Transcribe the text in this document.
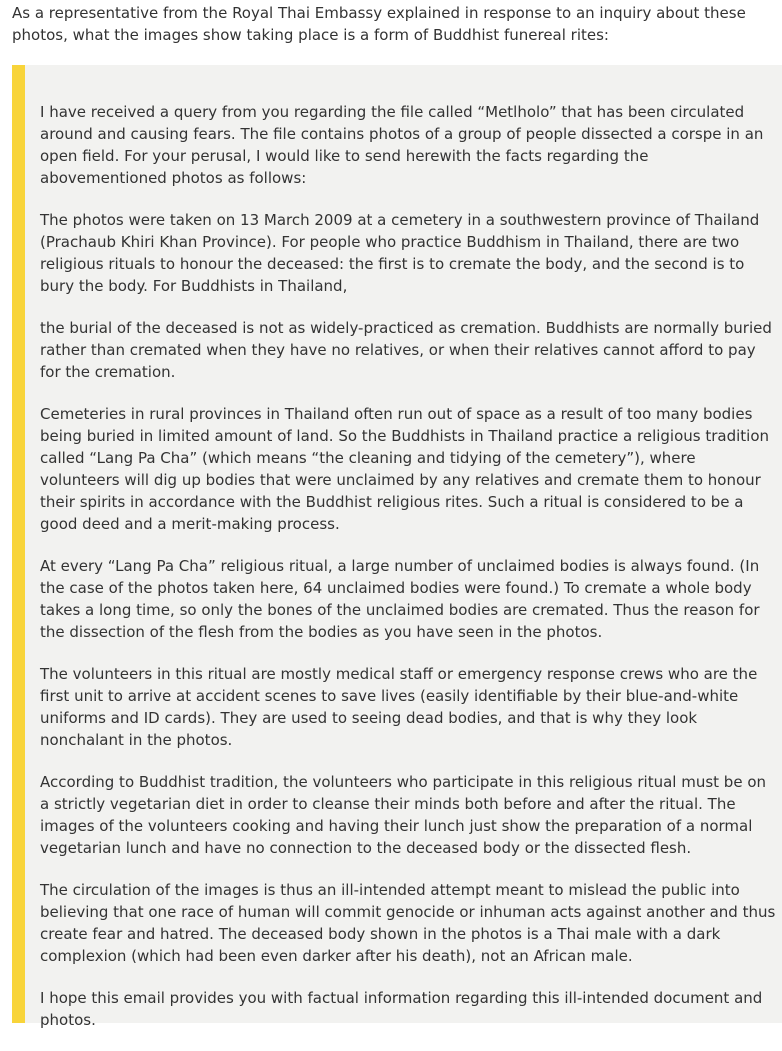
As a representative from the Royal Thai Embassy explained in response to an inquiry about these photos, what the images show taking place is a form of Buddhist funereal rites:

I have received a query from you regarding the file called “Metlholo” that has been circulated around and causing fears. The file contains photos of a group of people dissected a corspe in an open field. For your perusal, I would like to send herewith the facts regarding the abovementioned photos as follows:

The photos were taken on 13 March 2009 at a cemetery in a southwestern province of Thailand (Prachaub Khiri Khan Province). For people who practice Buddhism in Thailand, there are two religious rituals to honour the deceased: the first is to cremate the body, and the second is to bury the body. For Buddhists in Thailand,

the burial of the deceased is not as widely-practiced as cremation. Buddhists are normally buried rather than cremated when they have no relatives, or when their relatives cannot afford to pay for the cremation.

Cemeteries in rural provinces in Thailand often run out of space as a result of too many bodies being buried in limited amount of land. So the Buddhists in Thailand practice a religious tradition called “Lang Pa Cha” (which means “the cleaning and tidying of the cemetery”), where volunteers will dig up bodies that were unclaimed by any relatives and cremate them to honour their spirits in accordance with the Buddhist religious rites. Such a ritual is considered to be a good deed and a merit-making process.

At every “Lang Pa Cha” religious ritual, a large number of unclaimed bodies is always found. (In the case of the photos taken here, 64 unclaimed bodies were found.) To cremate a whole body takes a long time, so only the bones of the unclaimed bodies are cremated. Thus the reason for the dissection of the flesh from the bodies as you have seen in the photos.

The volunteers in this ritual are mostly medical staff or emergency response crews who are the first unit to arrive at accident scenes to save lives (easily identifiable by their blue-and-white uniforms and ID cards). They are used to seeing dead bodies, and that is why they look nonchalant in the photos.

According to Buddhist tradition, the volunteers who participate in this religious ritual must be on a strictly vegetarian diet in order to cleanse their minds both before and after the ritual. The images of the volunteers cooking and having their lunch just show the preparation of a normal vegetarian lunch and have no connection to the deceased body or the dissected flesh.

The circulation of the images is thus an ill-intended attempt meant to mislead the public into believing that one race of human will commit genocide or inhuman acts against another and thus create fear and hatred. The deceased body shown in the photos is a Thai male with a dark complexion (which had been even darker after his death), not an African male.

I hope this email provides you with factual information regarding this ill-intended document and photos.
